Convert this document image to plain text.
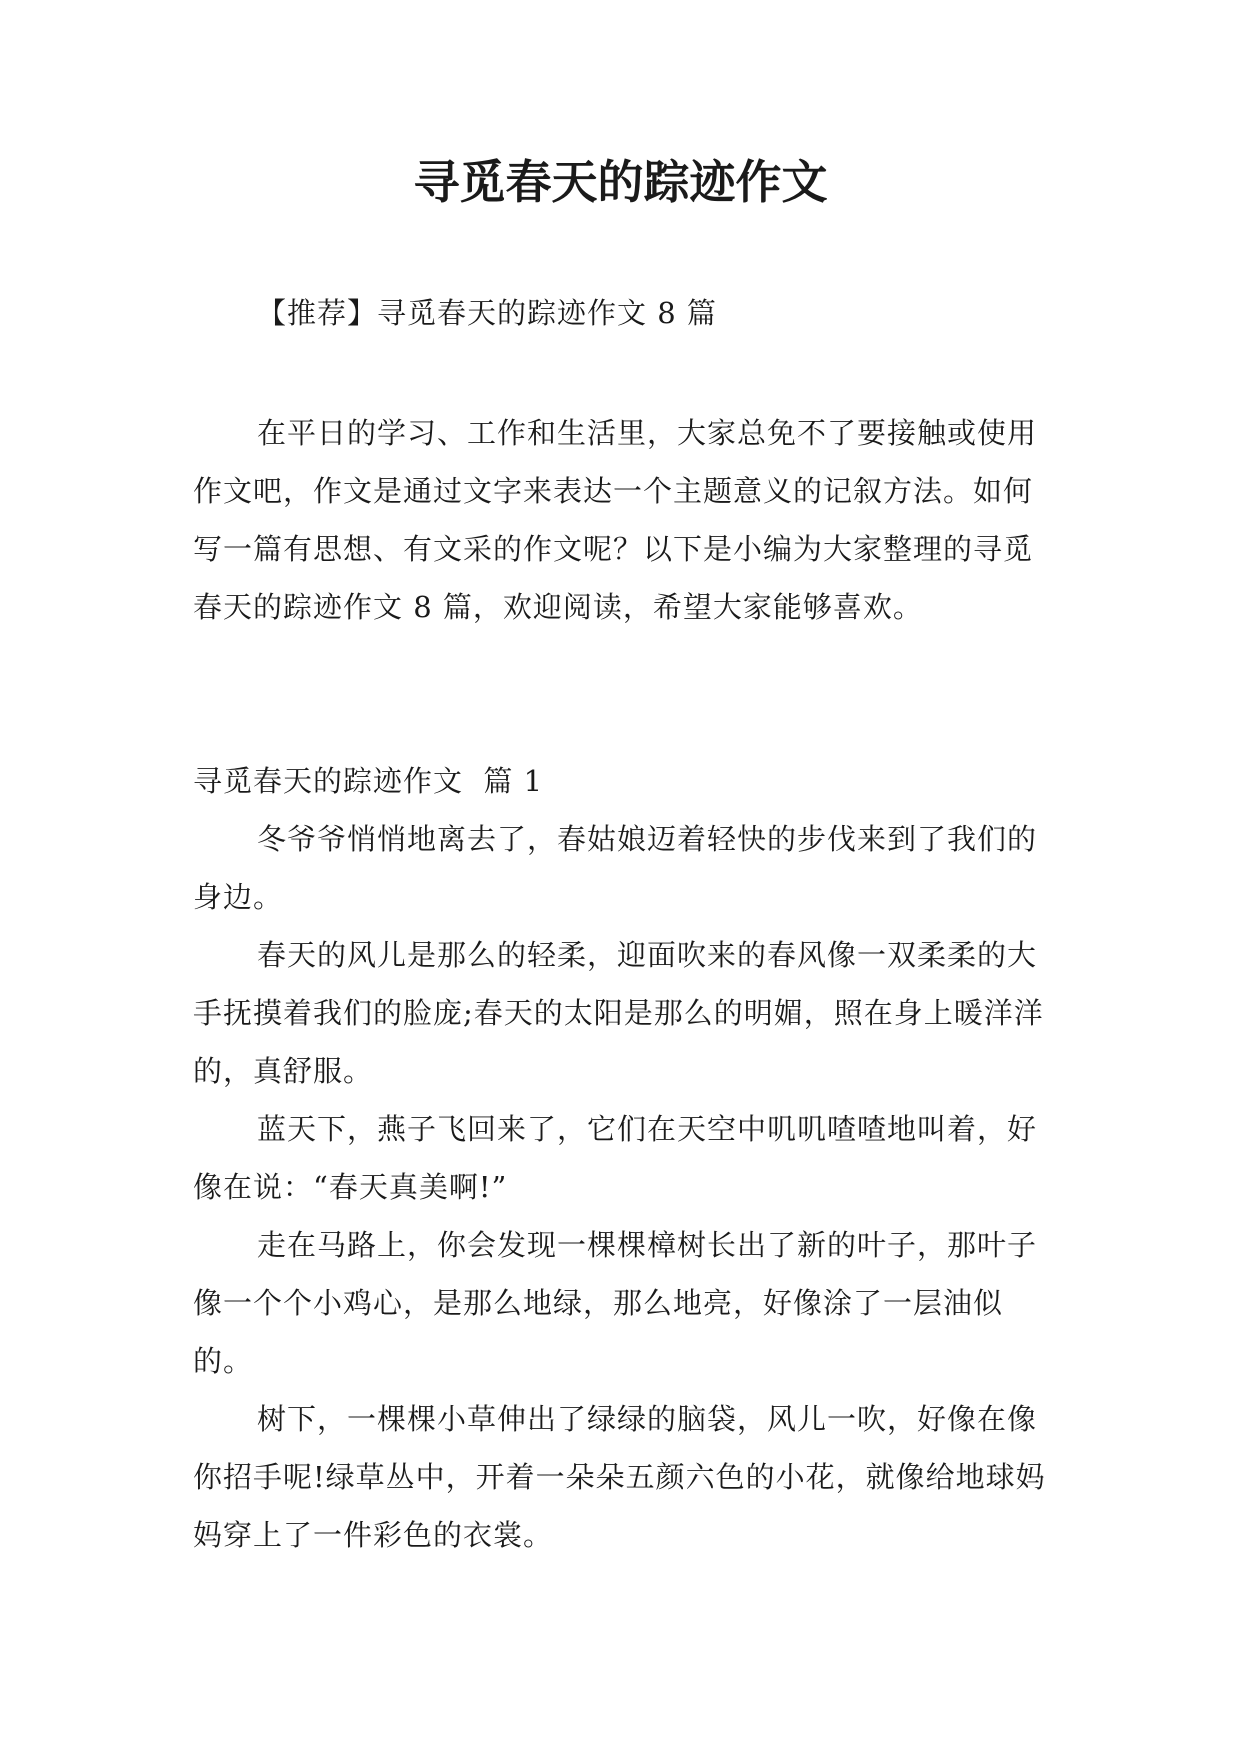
寻觅春天的踪迹作文

【推荐】寻觅春天的踪迹作文 8 篇

在平日的学习、工作和生活里，大家总免不了要接触或使用作文吧，作文是通过文字来表达一个主题意义的记叙方法。如何写一篇有思想、有文采的作文呢？以下是小编为大家整理的寻觅春天的踪迹作文 8 篇，欢迎阅读，希望大家能够喜欢。

寻觅春天的踪迹作文  篇 1

冬爷爷悄悄地离去了，春姑娘迈着轻快的步伐来到了我们的身边。

春天的风儿是那么的轻柔，迎面吹来的春风像一双柔柔的大手抚摸着我们的脸庞;春天的太阳是那么的明媚，照在身上暖洋洋的，真舒服。

蓝天下，燕子飞回来了，它们在天空中叽叽喳喳地叫着，好像在说：“春天真美啊!”

走在马路上，你会发现一棵棵樟树长出了新的叶子，那叶子像一个个小鸡心，是那么地绿，那么地亮，好像涂了一层油似的。

树下，一棵棵小草伸出了绿绿的脑袋，风儿一吹，好像在像你招手呢!绿草丛中，开着一朵朵五颜六色的小花，就像给地球妈妈穿上了一件彩色的衣裳。
